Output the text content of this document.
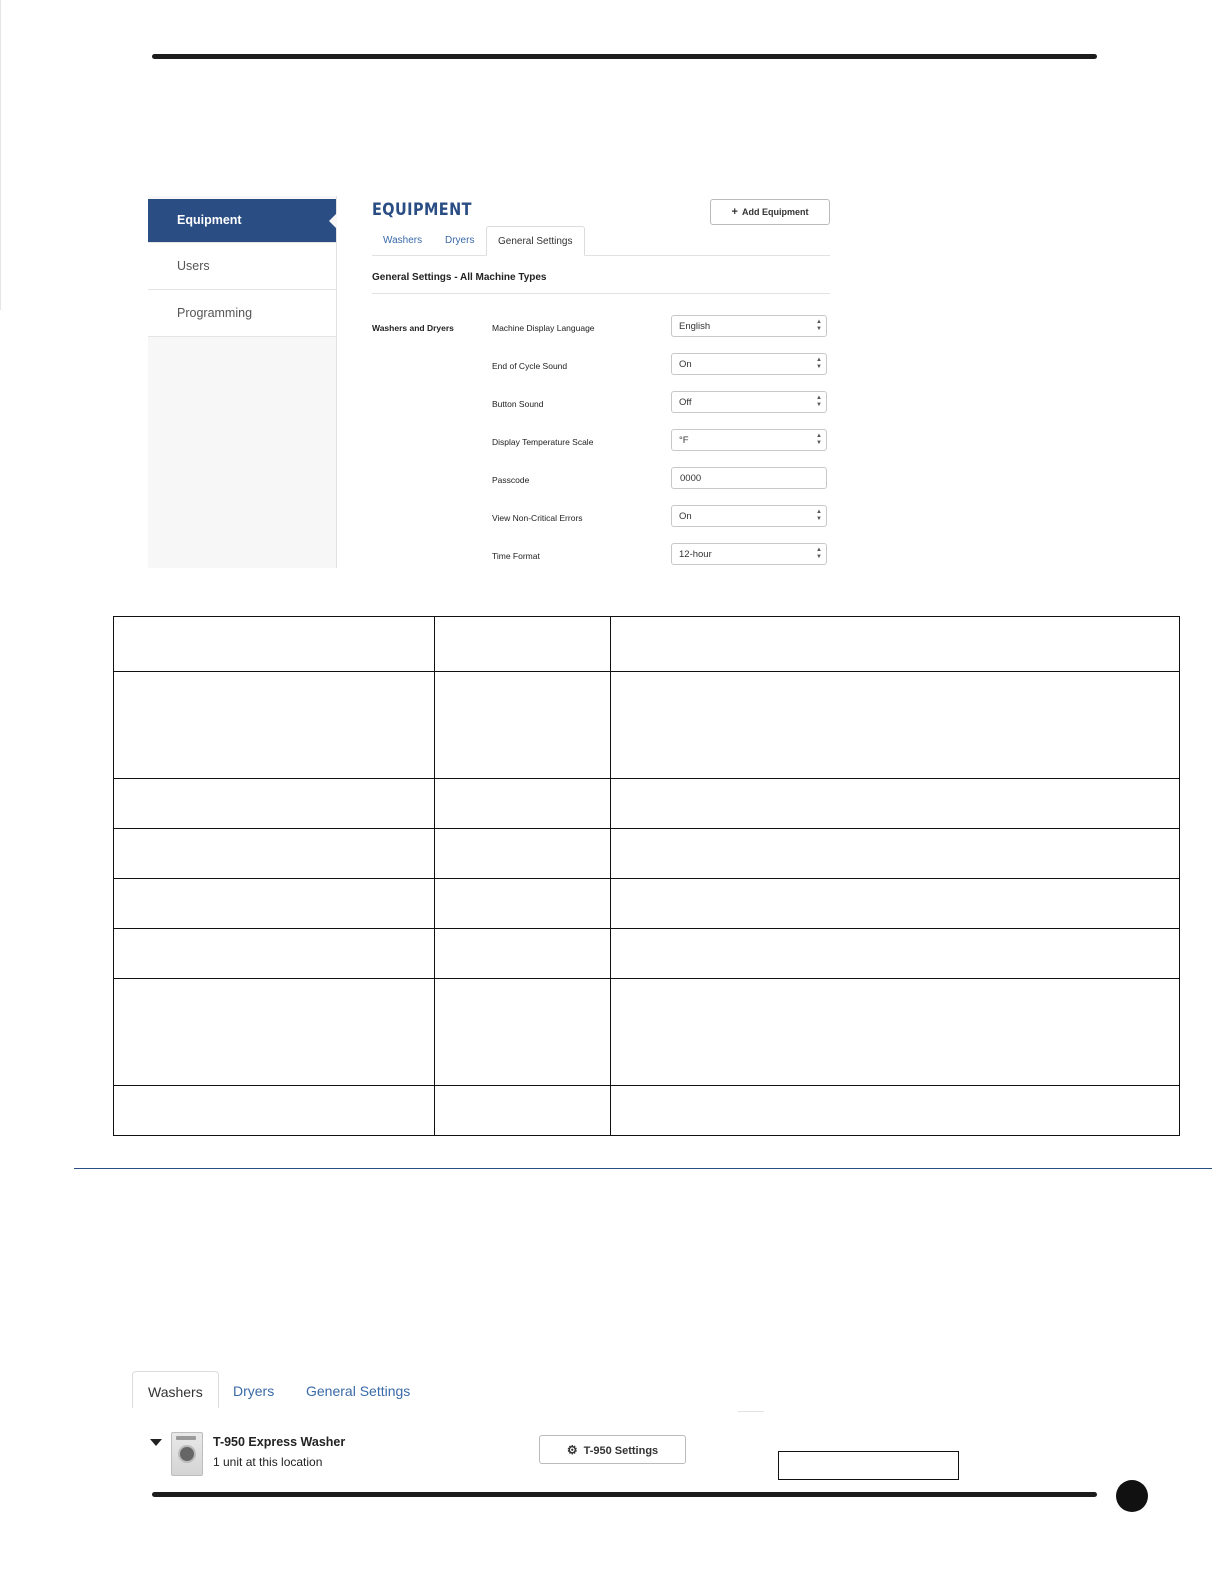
Equipment
Users
Programming
EQUIPMENT	+ Add Equipment
Washers	Dryers	General Settings
General Settings - All Machine Types
Washers and Dryers	Machine Display Language	English	▲
▼
End of Cycle Sound	On	▲
▼
Button Sound	Off	▲
▼
Display Temperature Scale	°F	▲
▼
Passcode	0000
View Non-Critical Errors	On	▲
▼
Time Format	12-hour	▲
▼

Washers	Dryers	General Settings
T-950 Express Washer
1 unit at this location
⚙ T-950 Settings
